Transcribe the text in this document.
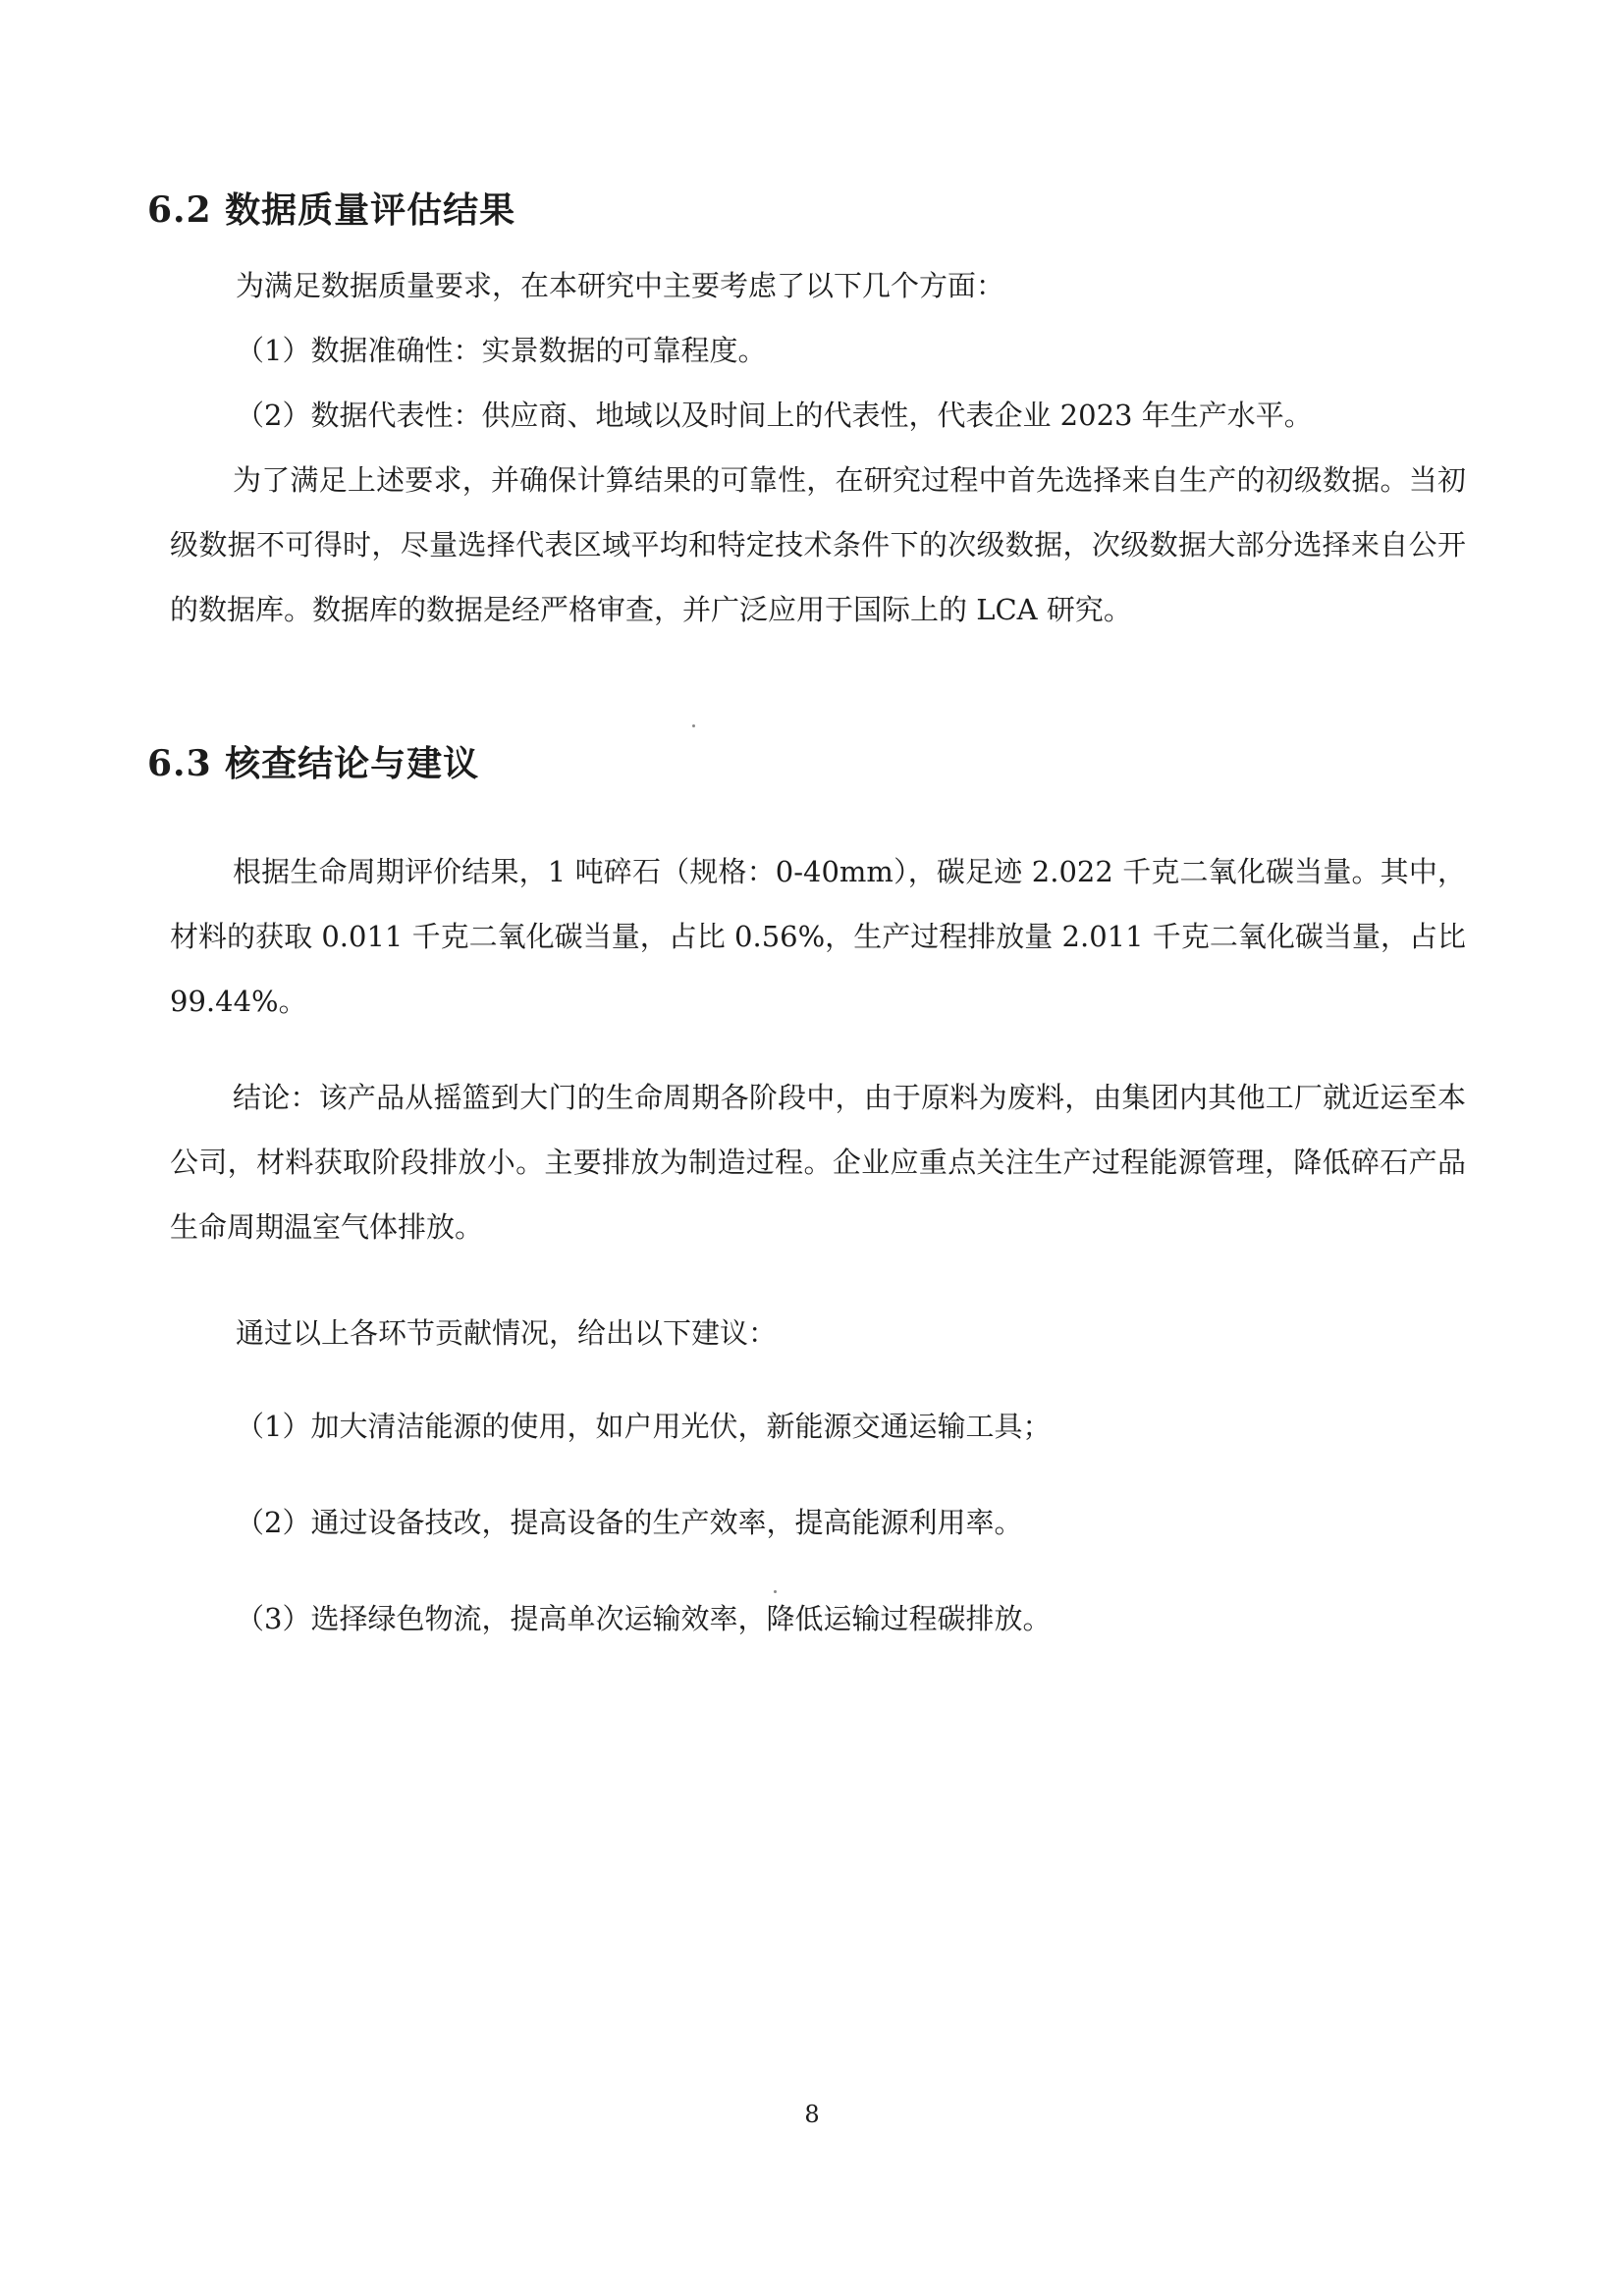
6.2 数据质量评估结果
为满足数据质量要求，在本研究中主要考虑了以下几个方面：
（1）数据准确性：实景数据的可靠程度。
（2）数据代表性：供应商、地域以及时间上的代表性，代表企业 2023 年生产水平。
为了满足上述要求，并确保计算结果的可靠性，在研究过程中首先选择来自生产的初级数据。当初级数据不可得时，尽量选择代表区域平均和特定技术条件下的次级数据，次级数据大部分选择来自公开的数据库。数据库的数据是经严格审查，并广泛应用于国际上的 LCA 研究。
6.3 核查结论与建议
根据生命周期评价结果，1 吨碎石（规格：0-40mm），碳足迹 2.022 千克二氧化碳当量。其中，材料的获取 0.011 千克二氧化碳当量，占比 0.56%，生产过程排放量 2.011 千克二氧化碳当量，占比 99.44%。
结论：该产品从摇篮到大门的生命周期各阶段中，由于原料为废料，由集团内其他工厂就近运至本公司，材料获取阶段排放小。主要排放为制造过程。企业应重点关注生产过程能源管理，降低碎石产品生命周期温室气体排放。
通过以上各环节贡献情况，给出以下建议：
（1）加大清洁能源的使用，如户用光伏，新能源交通运输工具；
（2）通过设备技改，提高设备的生产效率，提高能源利用率。
（3）选择绿色物流，提高单次运输效率，降低运输过程碳排放。
8
